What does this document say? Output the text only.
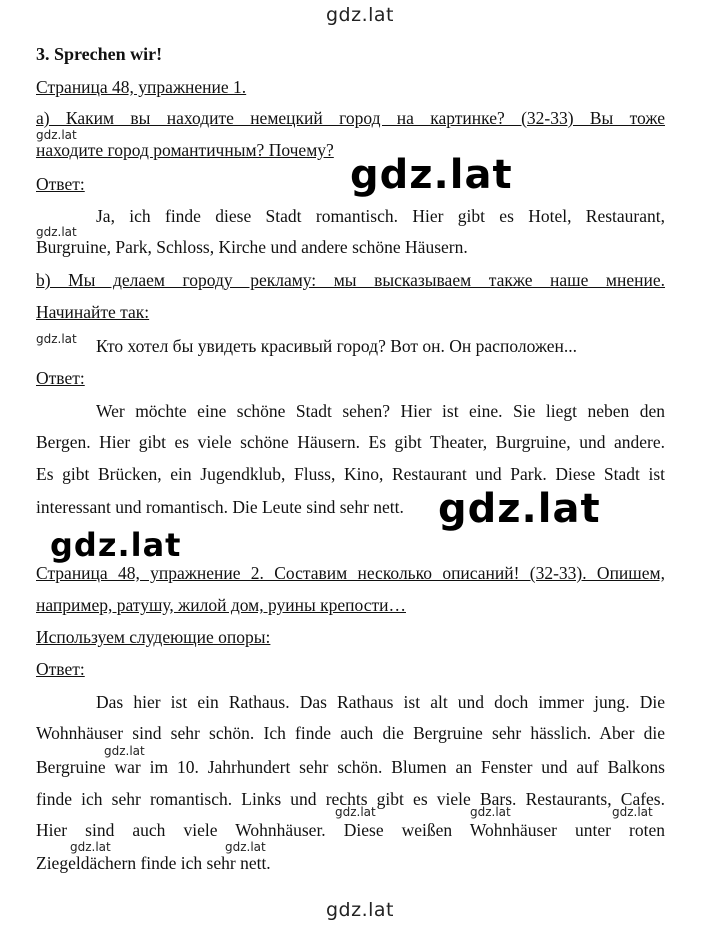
gdz.lat
3. Sprechen wir!
Страница 48, упражнение 1.
a) Каким вы находите немецкий город на картинке? (32-33) Вы тоже
gdz.lat
находите город романтичным? Почему?
gdz.lat
Ответ:
Ja, ich finde diese Stadt romantisch. Hier gibt es Hotel, Restaurant,
gdz.lat
Burgruine, Park, Schloss, Kirche und andere schöne Häusern.
b) Мы делаем городу рекламу: мы высказываем также наше мнение.
Начинайте так:
gdz.lat Кто хотел бы увидеть красивый город? Вот он. Он расположен...
Ответ:
Wer möchte eine schöne Stadt sehen? Hier ist eine. Sie liegt neben den
Bergen. Hier gibt es viele schöne Häusern. Es gibt Theater, Burgruine, und andere.
Es gibt Brücken, ein Jugendklub, Fluss, Kino, Restaurant und Park. Diese Stadt ist
interessant und romantisch. Die Leute sind sehr nett. gdz.lat
gdz.lat
Страница 48, упражнение 2. Составим несколько описаний! (32-33). Опишем,
например, ратушу, жилой дом, руины крепости…
Используем слудеющие опоры:
Ответ:
Das hier ist ein Rathaus. Das Rathaus ist alt und doch immer jung. Die
Wohnhäuser sind sehr schön. Ich finde auch die Bergruine sehr hässlich. Aber die
gdz.lat
Bergruine war im 10. Jahrhundert sehr schön. Blumen an Fenster und auf Balkons
finde ich sehr romantisch. Links und rechts gibt es viele Bars. Restaurants, Cafes.
gdz.lat	gdz.lat	gdz.lat
Hier sind auch viele Wohnhäuser. Diese weißen Wohnhäuser unter roten
gdz.lat	gdz.lat
Ziegeldächern finde ich sehr nett.
gdz.lat
